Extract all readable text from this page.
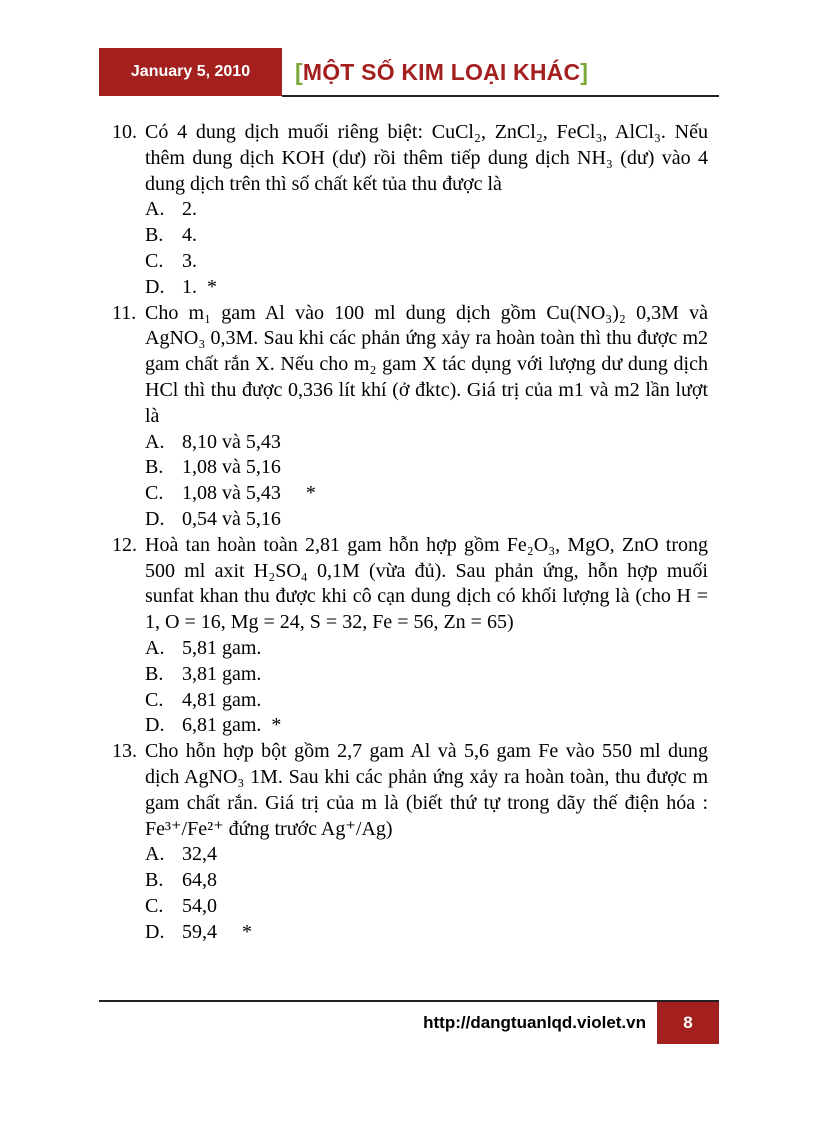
January 5, 2010	[MỘT SỐ KIM LOẠI KHÁC]
10. Có 4 dung dịch muối riêng biệt: CuCl₂, ZnCl₂, FeCl₃, AlCl₃. Nếu thêm dung dịch KOH (dư) rồi thêm tiếp dung dịch NH₃ (dư) vào 4 dung dịch trên thì số chất kết tủa thu được là
A. 2.
B. 4.
C. 3.
D. 1.  *
11. Cho m₁ gam Al vào 100 ml dung dịch gồm Cu(NO₃)₂ 0,3M và AgNO₃ 0,3M. Sau khi các phản ứng xảy ra hoàn toàn thì thu được m2 gam chất rắn X. Nếu cho m₂ gam X tác dụng với lượng dư dung dịch HCl thì thu được 0,336 lít khí (ở đktc). Giá trị của m1 và m2 lần lượt là
A. 8,10 và 5,43
B. 1,08 và 5,16
C. 1,08 và 5,43     *
D. 0,54 và 5,16
12. Hoà tan hoàn toàn 2,81 gam hỗn hợp gồm Fe₂O₃, MgO, ZnO trong 500 ml axit H₂SO₄ 0,1M (vừa đủ). Sau phản ứng, hỗn hợp muối sunfat khan thu được khi cô cạn dung dịch có khối lượng là (cho H = 1, O = 16, Mg = 24, S = 32, Fe = 56, Zn = 65)
A. 5,81 gam.
B. 3,81 gam.
C. 4,81 gam.
D. 6,81 gam.  *
13. Cho hỗn hợp bột gồm 2,7 gam Al và 5,6 gam Fe vào 550 ml dung dịch AgNO₃ 1M. Sau khi các phản ứng xảy ra hoàn toàn, thu được m gam chất rắn. Giá trị của m là (biết thứ tự trong dãy thế điện hóa : Fe³⁺/Fe²⁺ đứng trước Ag⁺/Ag)
A. 32,4
B. 64,8
C. 54,0
D. 59,4     *
http://dangtuanlqd.violet.vn	8
